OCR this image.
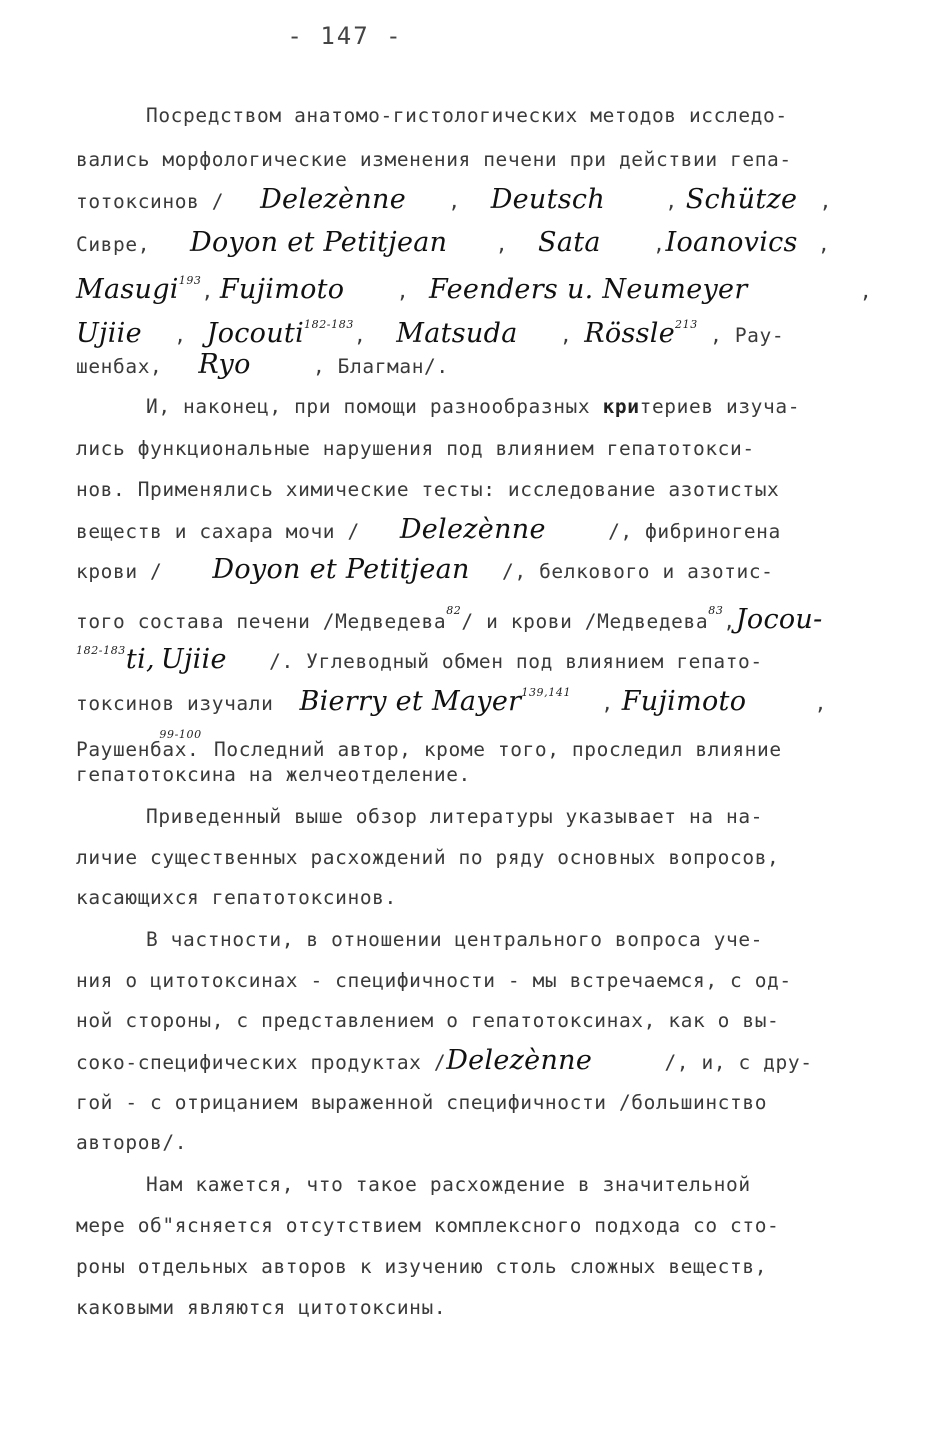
- 147 -
Посредством анатомо-гистологических методов исследо-
вались морфологические изменения печени при действии гепа-
тотоксинов / Delezènne , Deutsch , Schütze ,
Сивре, Doyon et Petitjean , Sata ,Ioanovics ,
Masugi$^{193}$, Fujimoto , Feenders u. Neumeyer	,
Ujiie , Jocouti$^{182-183}$, Matsuda , Rössle$^{213}$ , Рау-
шенбах, Ryo	, Благман/.
И, наконец, при помощи разнообразных критериев изуча-
лись функциональные нарушения под влиянием гепатотокси-
нов. Применялись химические тесты: исследование азотистых
веществ и сахара мочи / Delezènne	/, фибриногена
крови / Doyon et Petitjean /, белкового и азотис-
того состава печени /Медведева$^{82}$/ и крови /Медведева$^{83}$,Jocou-
$^{182-183}$ti, Ujiie /. Углеводный обмен под влиянием гепато-
токсинов изучали Bierry et Mayer$^{139,141}$ , Fujimoto	,
Раушенбах.$^{99-100}$ Последний автор, кроме того, проследил влияние
гепатотоксина на желчеотделение.
Приведенный выше обзор литературы указывает на на-
личие существенных расхождений по ряду основных вопросов,
касающихся гепатотоксинов.
В частности, в отношении центрального вопроса уче-
ния о цитотоксинах - специфичности - мы встречаемся, с од-
ной стороны, с представлением о гепатотоксинах, как о вы-
соко-специфических продуктах /Delezènne	/, и, с дру-
гой - с отрицанием выраженной специфичности /большинство
авторов/.
Нам кажется, что такое расхождение в значительной
мере об"ясняется отсутствием комплексного подхода со сто-
роны отдельных авторов к изучению столь сложных веществ,
каковыми являются цитотоксины.
